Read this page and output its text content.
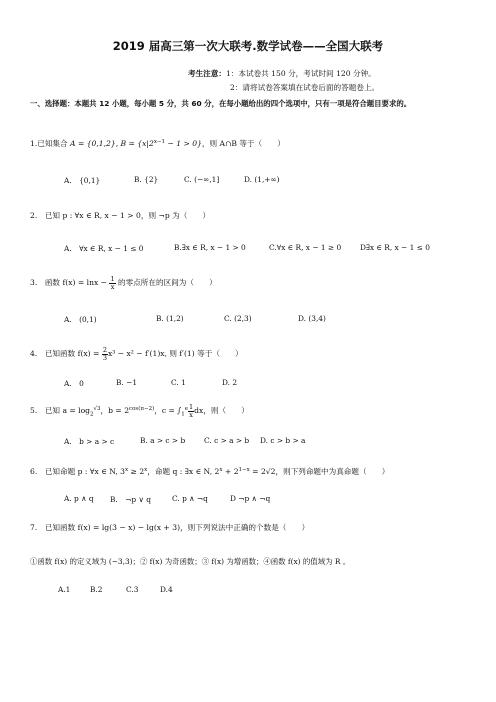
2019 届高三第一次大联考.数学试卷——全国大联考
考生注意：1：本试卷共 150 分，考试时间 120 分钟。
2：请将试卷答案填在试卷后面的答题卷上。
一、选择题：本题共 12 小题，每小题 5 分，共 60 分，在每小题给出的四个选项中，只有一项是符合题目要求的。
1.已知集合 A = {0,1,2}, $B = \{x|2^{x-1} - 1 > 0\}$，则 A∩B 等于（　　）
A.　{0,1}	B. {2}	C. (−∞,1]	D. (1,+∞)
2.　已知 p : ∀x ∈ R, x − 1 > 0，则 ¬p 为（　　）
A.　∀x ∈ R, x − 1 ≤ 0	B.∃x ∈ R, x − 1 > 0	C.∀x ∈ R, x − 1 ≥ 0	D∃x ∈ R, x − 1 ≤ 0
3.　函数 $f(x) = \ln x - \frac{1}{x}$ 的零点所在的区间为（　　）
A.　(0,1)	B. (1,2)	C. (2,3)	D. (3,4)
4.　已知函数 $f(x) = \frac{2}{3} x^3 - x^2 - f'(1)x$, 则 f′(1) 等于（　　）
A.　0	B. −1	C. 1	D. 2
5.　已知 $a = \log_2^{√3}$，$b = 2^{cos(\pi-2)}$，$c = \int_1^e \frac{1}{x}$ dx，则（　　）
A.　b > a > c	B. a > c > b	C. c > a > b D. c > b > a
6.　已知命题 p : ∀x ∈ N, $3^x \ge 2^x$，命题 q : ∃x ∈ N, $2^x + 2^{1-x} = 2√2$，则下列命题中为真命题（　　）
A. p ∧ q B.　¬p ∨ q	C. p ∧ ¬q	D ¬p ∧ ¬q
7.　已知函数 f(x) = lg(3 − x) − lg(x + 3)，则下列说法中正确的个数是（　　）
①函数 f(x) 的定义域为 (−3,3)；② f(x) 为奇函数；③ f(x) 为增函数；④函数 f(x) 的值域为 R 。
A.1	B.2	C.3	D.4
